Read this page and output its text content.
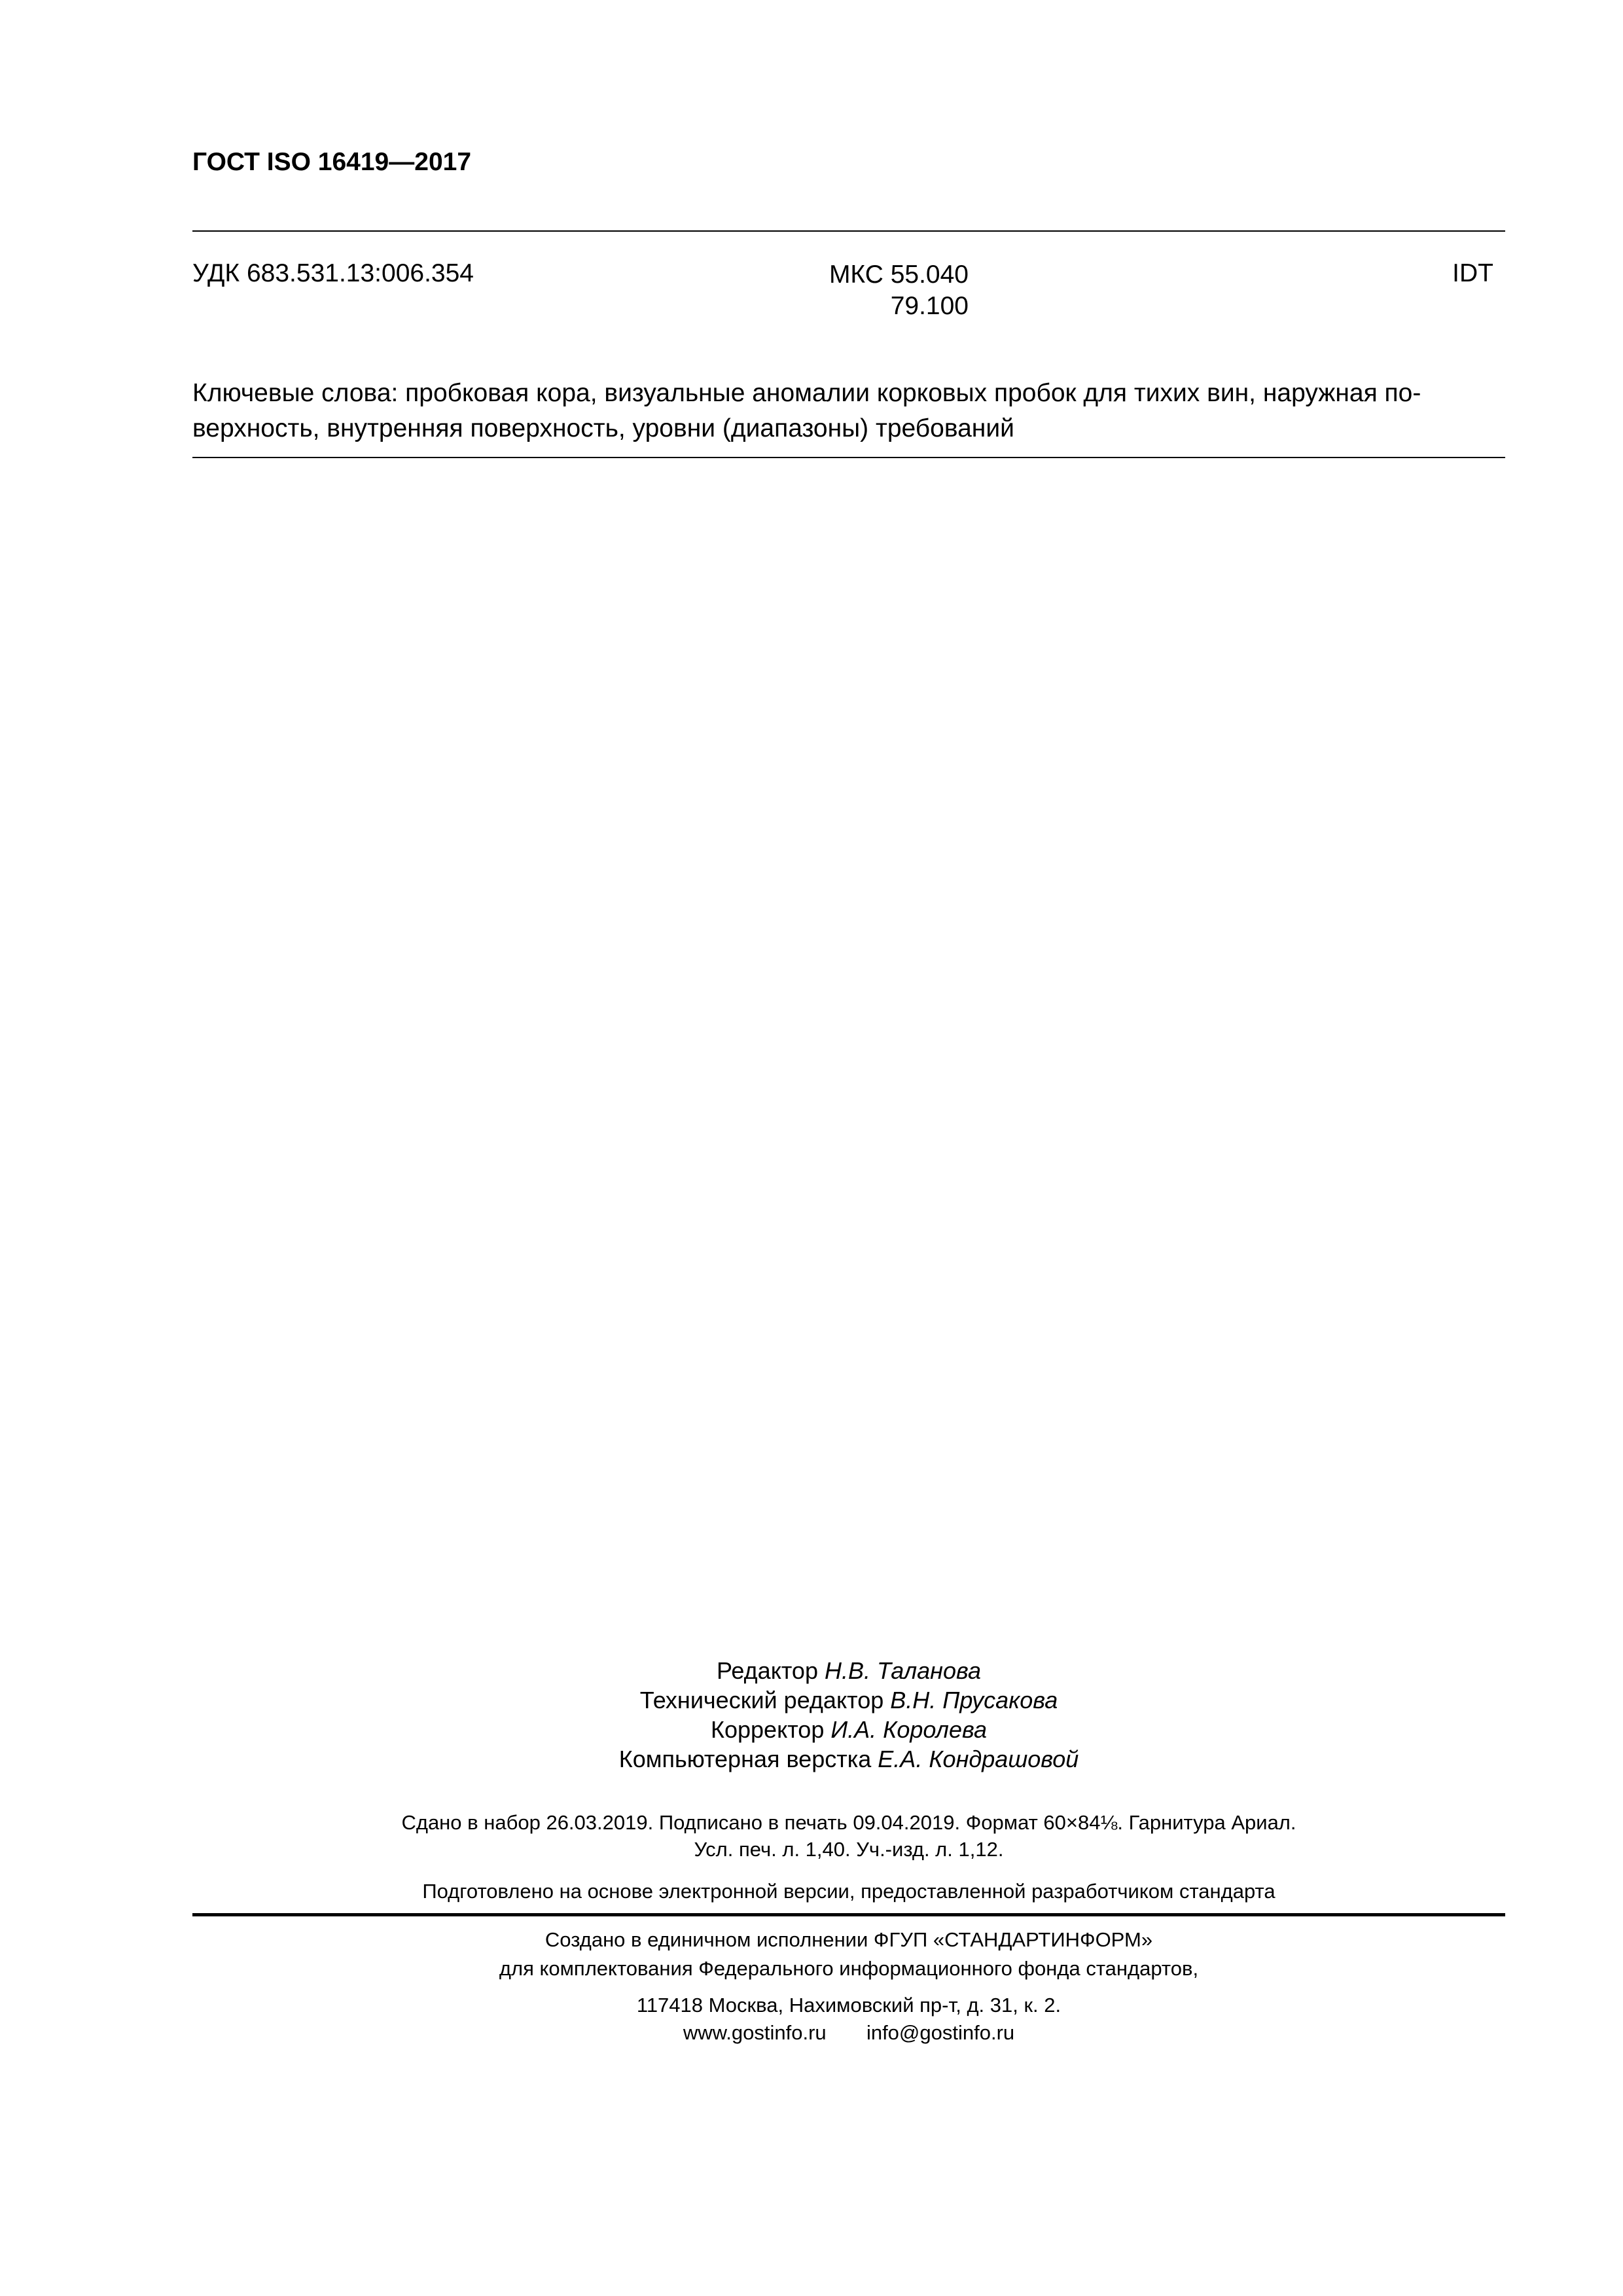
ГОСТ ISO 16419—2017
УДК 683.531.13:006.354	МКС 55.040
79.100
IDT
Ключевые слова: пробковая кора, визуальные аномалии корковых пробок для тихих вин, наружная по-верхность, внутренняя поверхность, уровни (диапазоны) требований
Редактор Н.В. Таланова
Технический редактор В.Н. Прусакова
Корректор И.А. Королева
Компьютерная верстка Е.А. Кондрашовой
Сдано в набор 26.03.2019. Подписано в печать 09.04.2019. Формат 60×84⅛. Гарнитура Ариал.
Усл. печ. л. 1,40. Уч.-изд. л. 1,12.
Подготовлено на основе электронной версии, предоставленной разработчиком стандарта
Создано в единичном исполнении ФГУП «СТАНДАРТИНФОРМ»
для комплектования Федерального информационного фонда стандартов,
117418 Москва, Нахимовский пр-т, д. 31, к. 2.
www.gostinfo.ru info@gostinfo.ru
